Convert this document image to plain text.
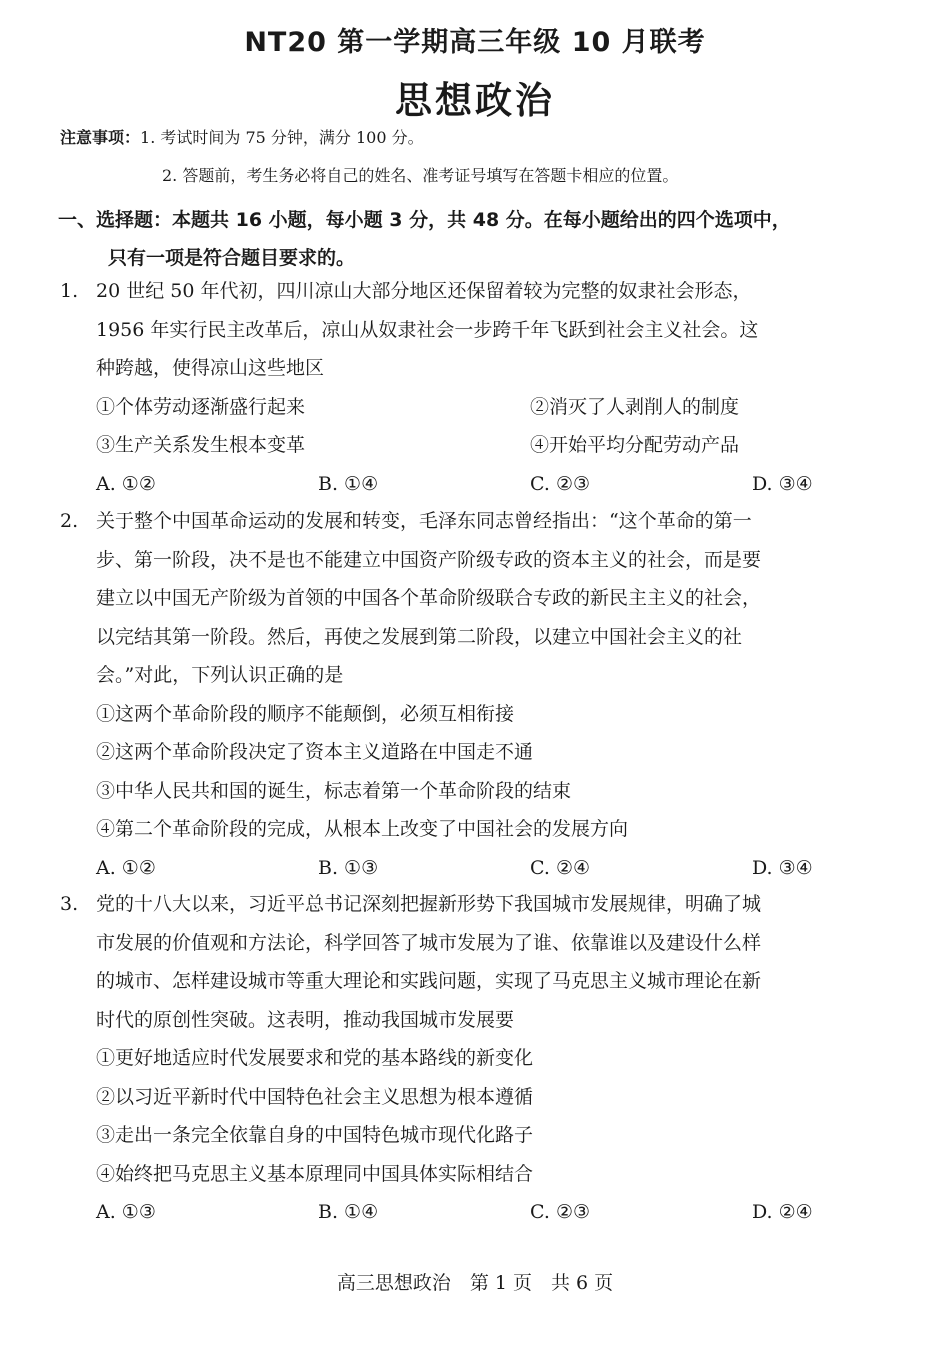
NT20 第一学期高三年级 10 月联考
思想政治
注意事项：1. 考试时间为 75 分钟，满分 100 分。
2. 答题前，考生务必将自己的姓名、准考证号填写在答题卡相应的位置。
一、选择题：本题共 16 小题，每小题 3 分，共 48 分。在每小题给出的四个选项中，
只有一项是符合题目要求的。
1. 20 世纪 50 年代初，四川凉山大部分地区还保留着较为完整的奴隶社会形态，
1956 年实行民主改革后，凉山从奴隶社会一步跨千年飞跃到社会主义社会。这
种跨越，使得凉山这些地区
①个体劳动逐渐盛行起来	②消灭了人剥削人的制度
③生产关系发生根本变革	④开始平均分配劳动产品
A. ①②	B. ①④	C. ②③	D. ③④
2. 关于整个中国革命运动的发展和转变，毛泽东同志曾经指出：“这个革命的第一
步、第一阶段，决不是也不能建立中国资产阶级专政的资本主义的社会，而是要
建立以中国无产阶级为首领的中国各个革命阶级联合专政的新民主主义的社会，
以完结其第一阶段。然后，再使之发展到第二阶段，以建立中国社会主义的社
会。”对此，下列认识正确的是
①这两个革命阶段的顺序不能颠倒，必须互相衔接
②这两个革命阶段决定了资本主义道路在中国走不通
③中华人民共和国的诞生，标志着第一个革命阶段的结束
④第二个革命阶段的完成，从根本上改变了中国社会的发展方向
A. ①②	B. ①③	C. ②④	D. ③④
3. 党的十八大以来，习近平总书记深刻把握新形势下我国城市发展规律，明确了城
市发展的价值观和方法论，科学回答了城市发展为了谁、依靠谁以及建设什么样
的城市、怎样建设城市等重大理论和实践问题，实现了马克思主义城市理论在新
时代的原创性突破。这表明，推动我国城市发展要
①更好地适应时代发展要求和党的基本路线的新变化
②以习近平新时代中国特色社会主义思想为根本遵循
③走出一条完全依靠自身的中国特色城市现代化路子
④始终把马克思主义基本原理同中国具体实际相结合
A. ①③	B. ①④	C. ②③	D. ②④
高三思想政治　第 1 页　共 6 页
